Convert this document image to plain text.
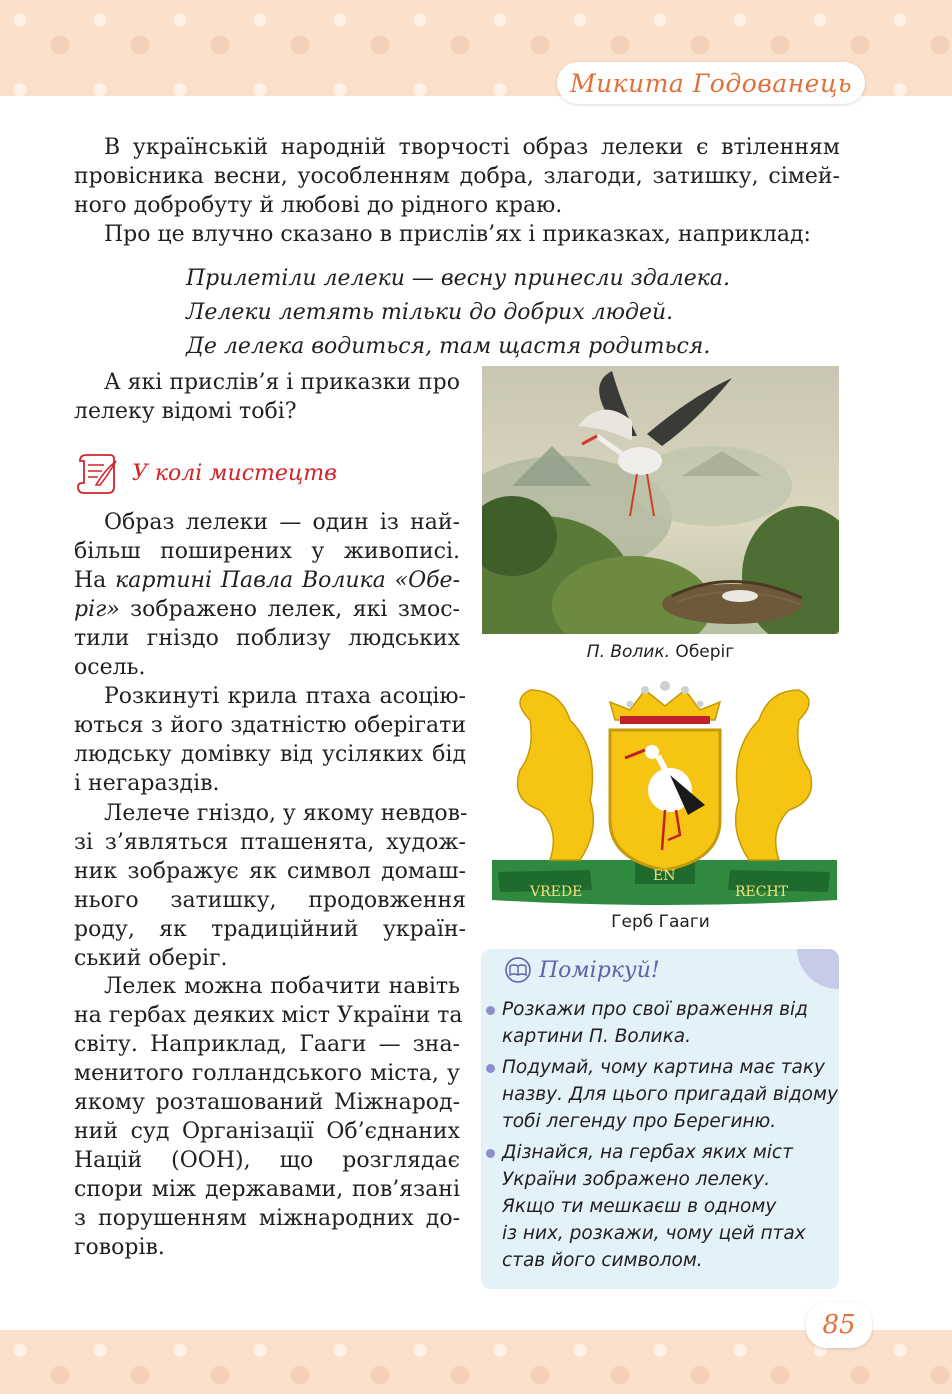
Микита Годованець
В українській народній творчості образ лелеки є втіленням
провісника весни, уособленням добра, злагоди, затишку, сімей-
ного добробуту й любові до рідного краю.
Про це влучно сказано в прислів’ях і приказках, наприклад:
Прилетіли лелеки — весну принесли здалека.
Лелеки летять тільки до добрих людей.
Де лелека водиться, там щастя родиться.
А які прислів’я і приказки про
лелеку відомі тобі?
У колі мистецтв
Образ лелеки — один із най-
більш поширених у живописі.
На картині Павла Волика «Обе-
ріг» зображено лелек, які змос-
тили гніздо поблизу людських
осель.
Розкинуті крила птаха асоцію-
ються з його здатністю оберігати
людську домівку від усіляких бід
і негараздів.
Лелече гніздо, у якому невдов-
зі з’являться пташенята, худож-
ник зображує як символ домаш-
нього затишку, продовження
роду, як традиційний україн-
ський оберіг.
Лелек можна побачити навіть
на гербах деяких міст України та
світу. Наприклад, Гааги — зна-
менитого голландського міста, у
якому розташований Міжнарод-
ний суд Організації Об’єднаних
Націй (ООН), що розглядає
спори між державами, пов’язані
з порушенням міжнародних до-
говорів.
П. Волик. Оберіг
VREDE
EN
RECHT
Герб Гааги
Поміркуй!
Розкажи про свої враження від
картини П. Волика.
Подумай, чому картина має таку
назву. Для цього пригадай відому
тобі легенду про Берегиню.
Дізнайся, на гербах яких міст
України зображено лелеку.
Якщо ти мешкаєш в одному
із них, розкажи, чому цей птах
став його символом.
85
